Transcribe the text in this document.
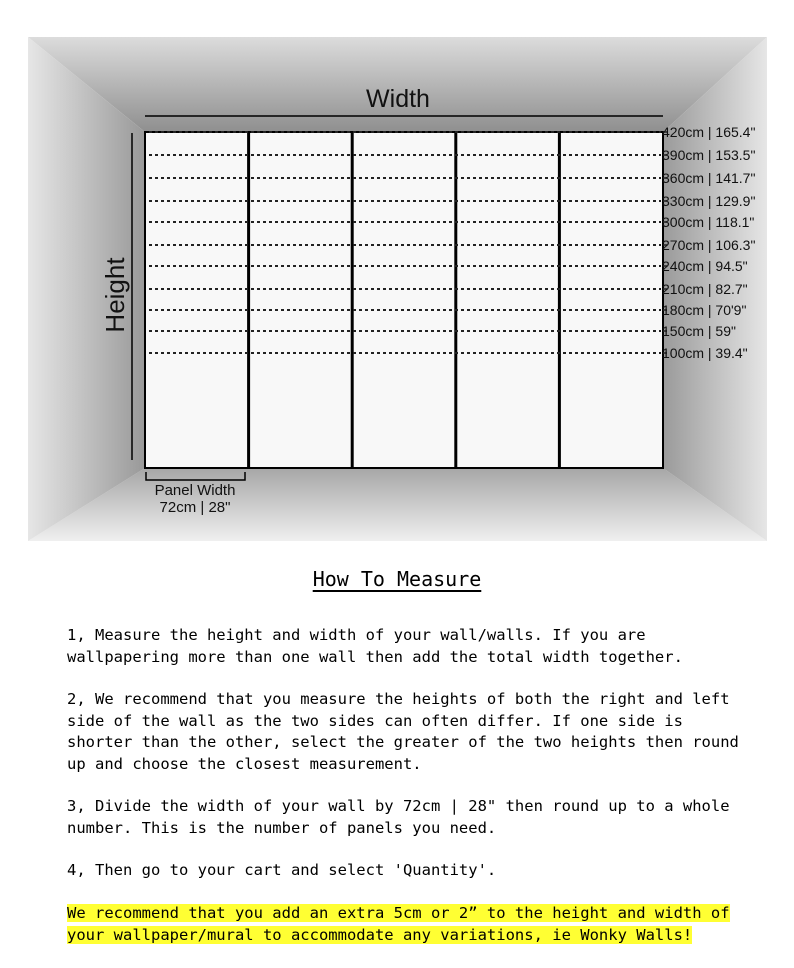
420cm | 165.4"
390cm | 153.5"
360cm | 141.7"
330cm | 129.9"
300cm | 118.1"
270cm | 106.3"
240cm | 94.5"
210cm | 82.7"
180cm | 70'9"
150cm | 59"
100cm | 39.4"
Width
Height
Panel Width
72cm | 28"
How To Measure

1, Measure the height and width of your wall/walls. If you are wallpapering more than one wall then add the total width together.

2, We recommend that you measure the heights of both the right and left side of the wall as the two sides can often differ. If one side is shorter than the other, select the greater of the two heights then round up and choose the closest measurement.

3, Divide the width of your wall by 72cm | 28" then round up to a whole number. This is the number of panels you need.

4, Then go to your cart and select 'Quantity'.

We recommend that you add an extra 5cm or 2” to the height and width of your wallpaper/mural to accommodate any variations, ie Wonky Walls!
